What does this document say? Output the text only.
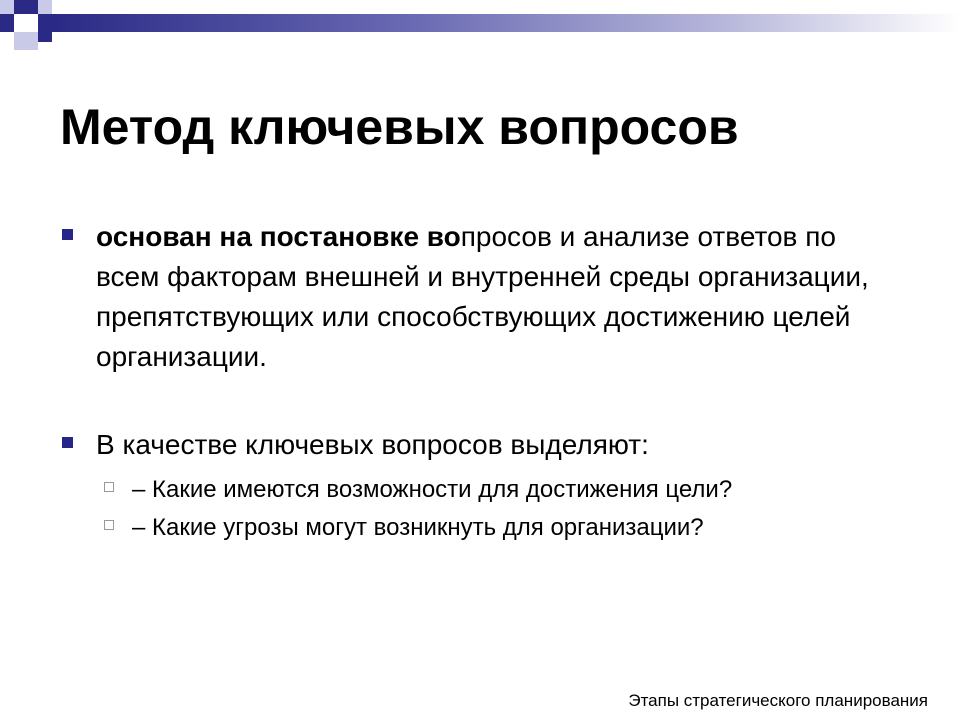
Метод ключевых вопросов
основан на постановке вопросов и анализе ответов по всем факторам внешней и внутренней среды организации, препятствующих или способствующих достижению целей организации.
В качестве ключевых вопросов выделяют:
– Какие имеются возможности для достижения цели?
– Какие угрозы могут возникнуть для организации?
Этапы стратегического планирования
